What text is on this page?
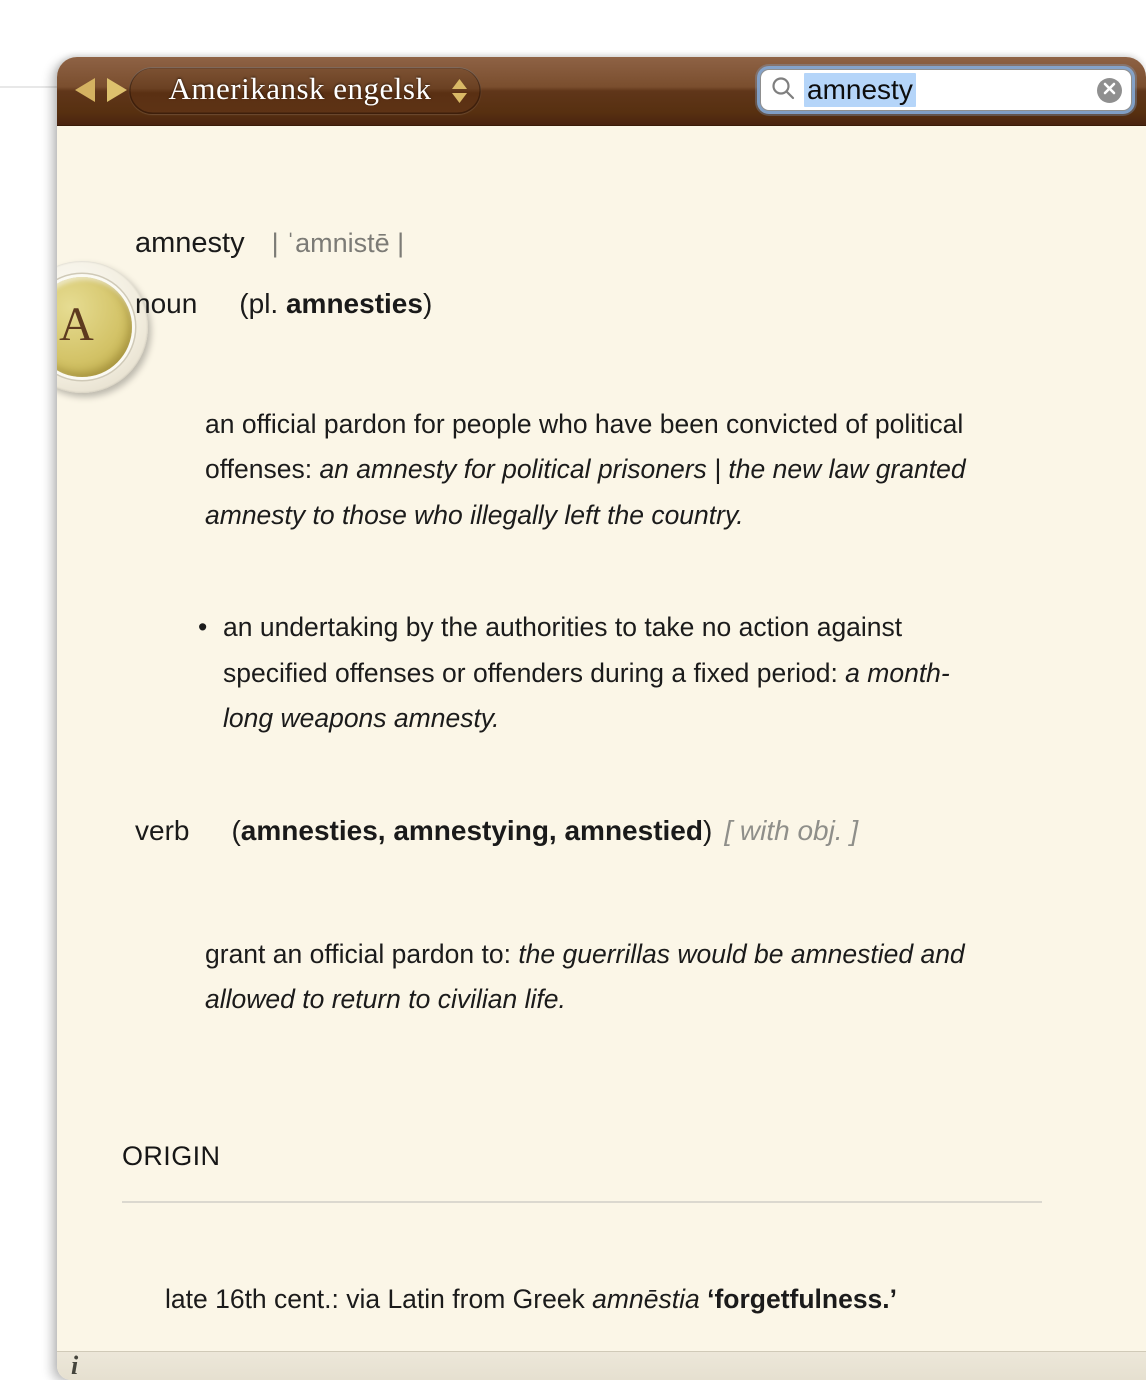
Amerikansk engelsk	amnesty
A
amnesty | ˈamnistē |
noun (pl. amnesties)

an official pardon for people who have been convicted of political offenses: an amnesty for political prisoners | the new law granted amnesty to those who illegally left the country.

• an undertaking by the authorities to take no action against specified offenses or offenders during a fixed period: a month-long weapons amnesty.
verb (amnesties, amnestying, amnestied) [ with obj. ]

grant an official pardon to: the guerrillas would be amnestied and allowed to return to civilian life.

ORIGIN

late 16th cent.: via Latin from Greek amnēstia ‘forgetfulness.’

i
